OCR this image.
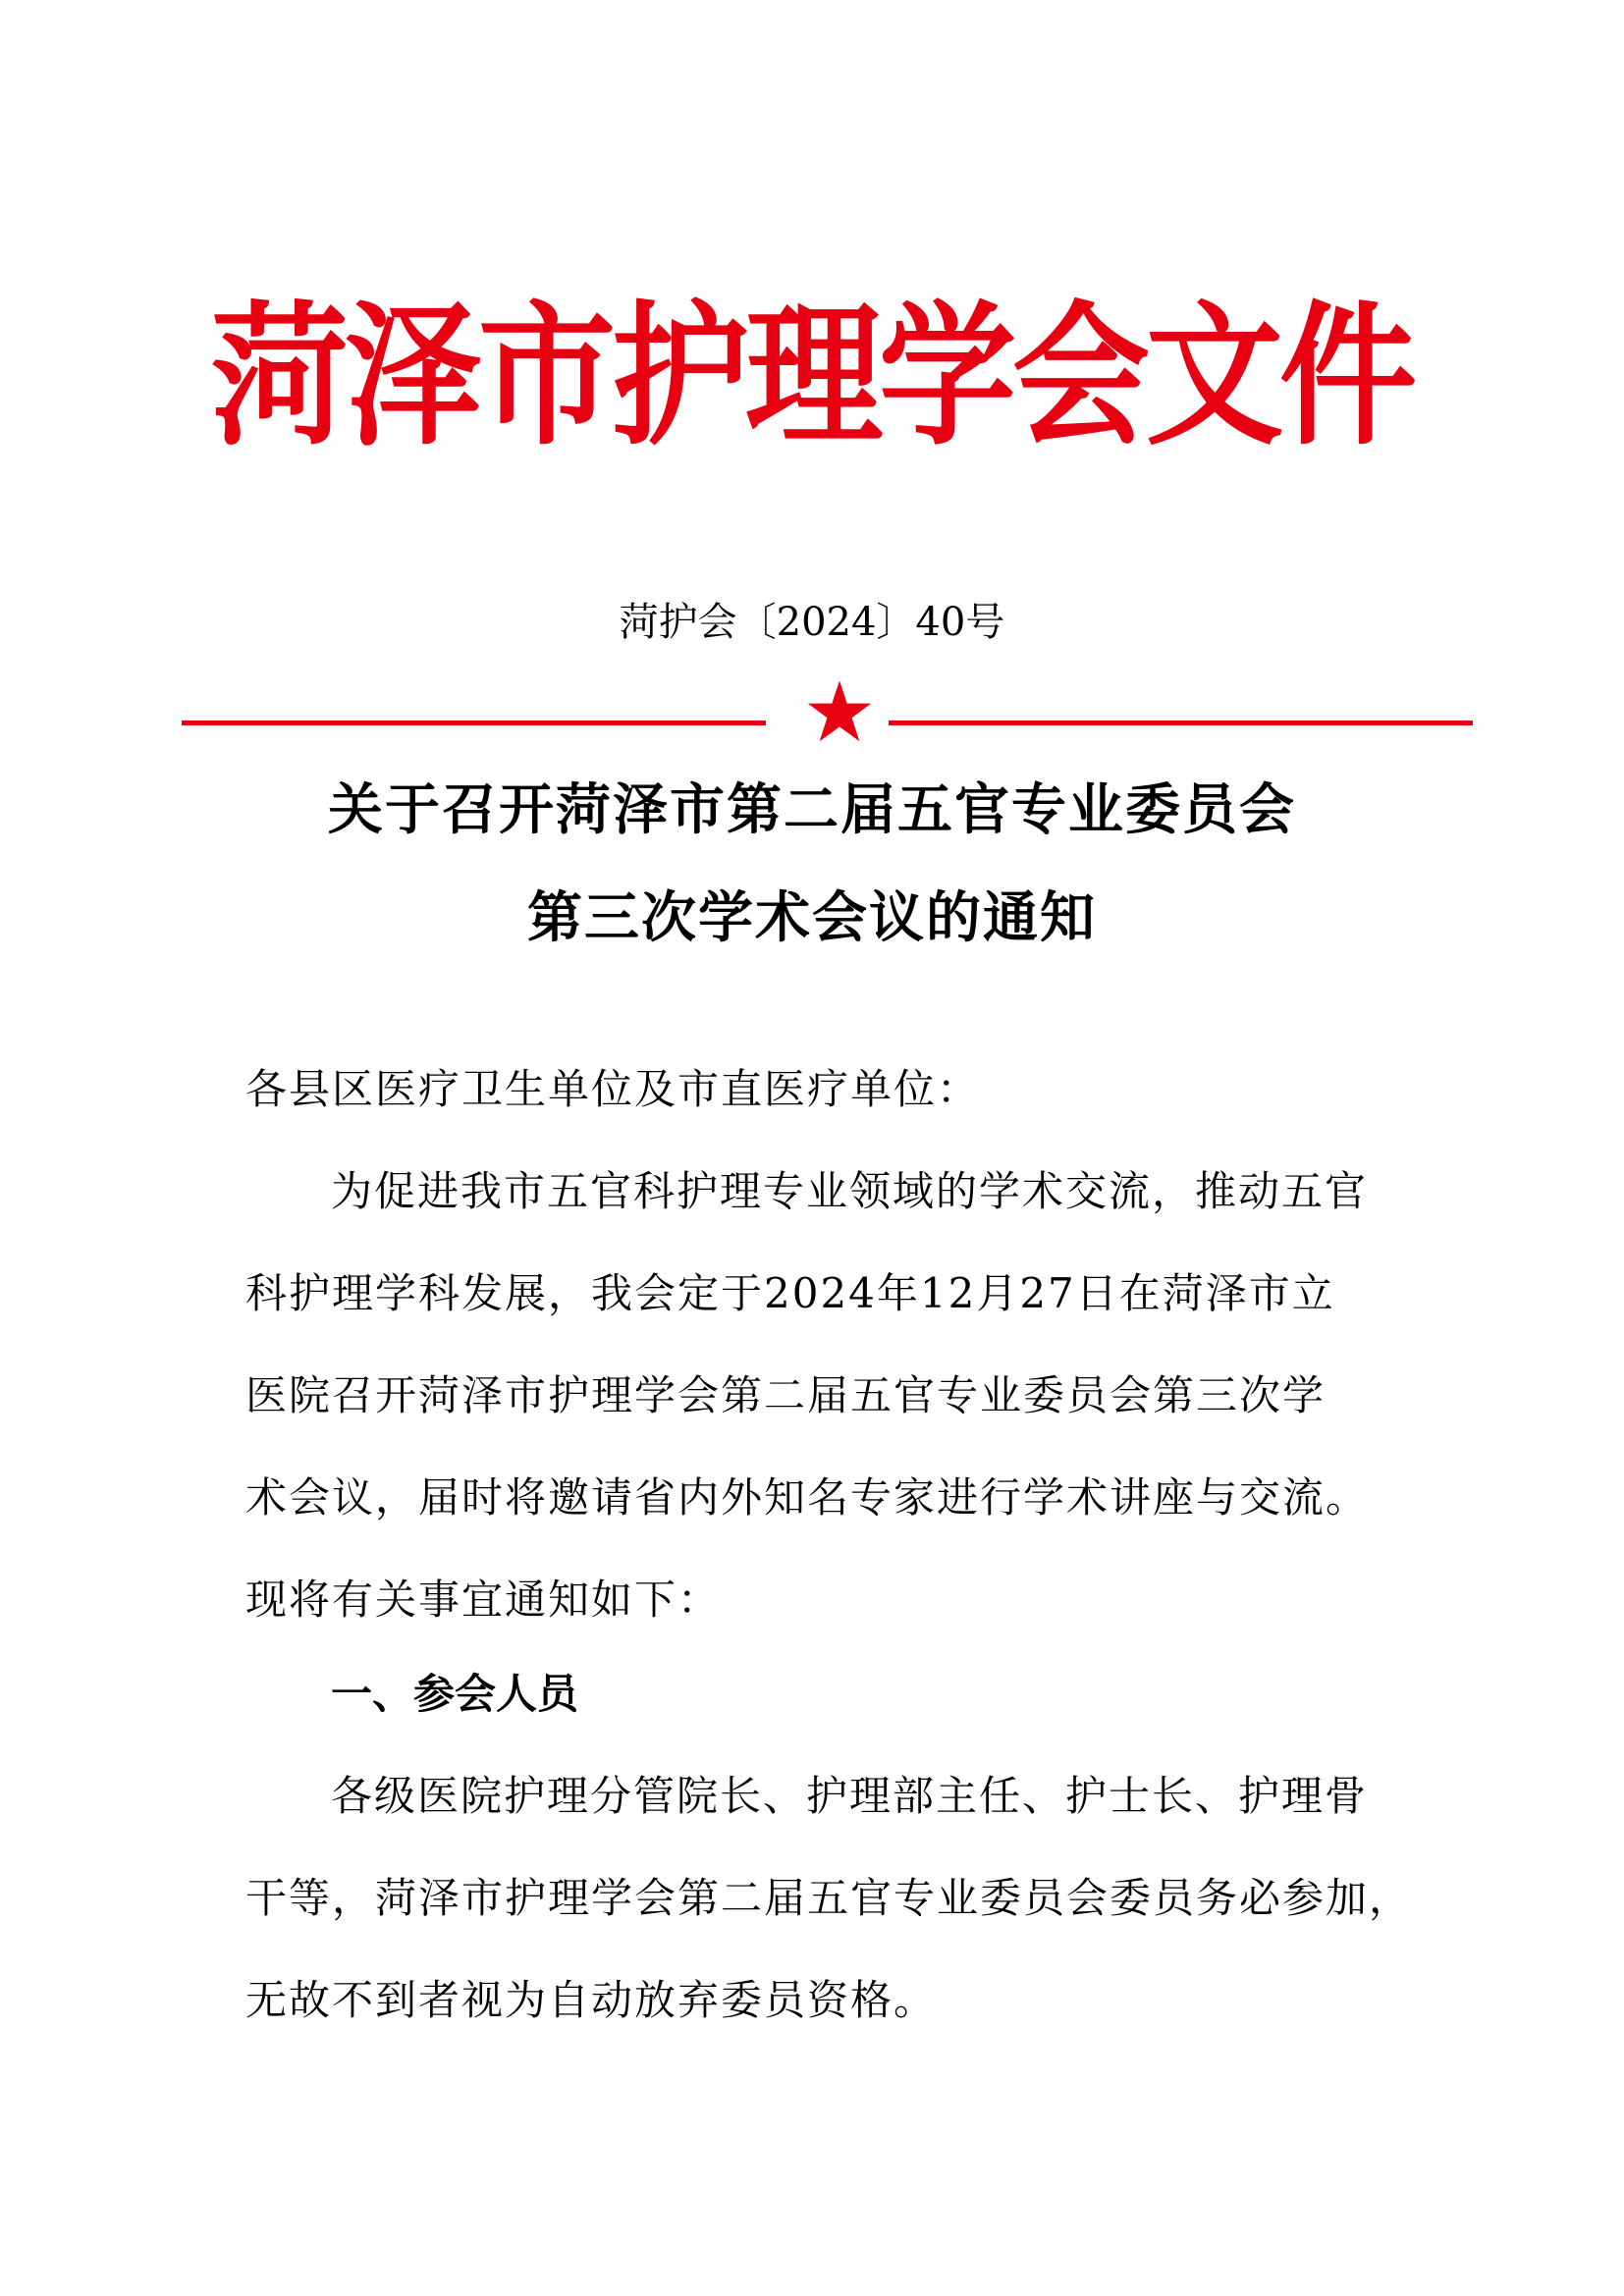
菏泽市护理学会文件
菏护会〔2024〕40号
关于召开菏泽市第二届五官专业委员会
第三次学术会议的通知
各县区医疗卫生单位及市直医疗单位：
为促进我市五官科护理专业领域的学术交流，推动五官
科护理学科发展，我会定于2024年12月27日在菏泽市立
医院召开菏泽市护理学会第二届五官专业委员会第三次学
术会议，届时将邀请省内外知名专家进行学术讲座与交流。
现将有关事宜通知如下：
一、参会人员
各级医院护理分管院长、护理部主任、护士长、护理骨
干等，菏泽市护理学会第二届五官专业委员会委员务必参加，
无故不到者视为自动放弃委员资格。
